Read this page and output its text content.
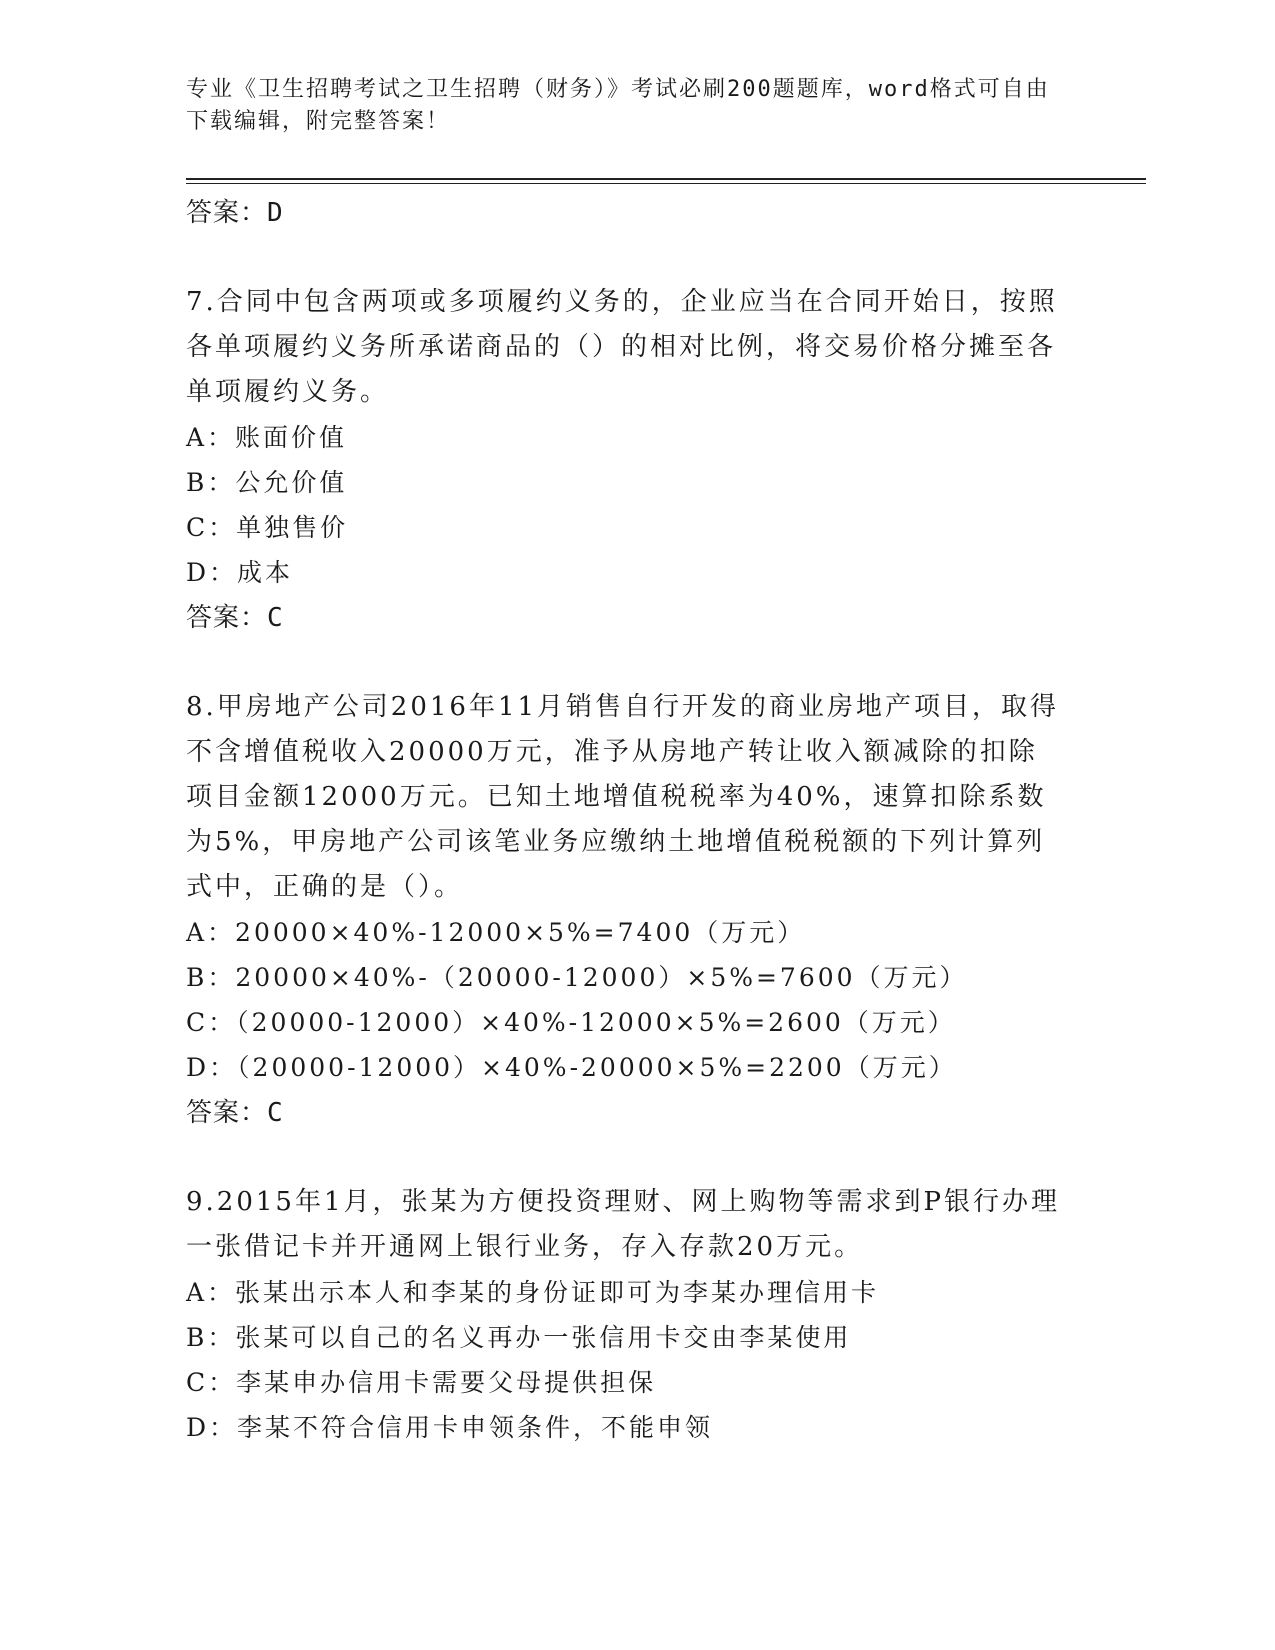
专业《卫生招聘考试之卫生招聘（财务）》考试必刷200题题库，word格式可自由下载编辑，附完整答案！
答案：D
7.合同中包含两项或多项履约义务的，企业应当在合同开始日，按照各单项履约义务所承诺商品的（）的相对比例，将交易价格分摊至各单项履约义务。
A：账面价值
B：公允价值
C：单独售价
D：成本
答案：C
8.甲房地产公司2016年11月销售自行开发的商业房地产项目，取得不含增值税收入20000万元，准予从房地产转让收入额减除的扣除项目金额12000万元。已知土地增值税税率为40%，速算扣除系数为5%，甲房地产公司该笔业务应缴纳土地增值税税额的下列计算列式中，正确的是（）。
A：20000×40%-12000×5%=7400（万元）
B：20000×40%-（20000-12000）×5%=7600（万元）
C：（20000-12000）×40%-12000×5%=2600（万元）
D：（20000-12000）×40%-20000×5%=2200（万元）
答案：C
9.2015年1月，张某为方便投资理财、网上购物等需求到P银行办理一张借记卡并开通网上银行业务，存入存款20万元。
A：张某出示本人和李某的身份证即可为李某办理信用卡
B：张某可以自己的名义再办一张信用卡交由李某使用
C：李某申办信用卡需要父母提供担保
D：李某不符合信用卡申领条件，不能申领
